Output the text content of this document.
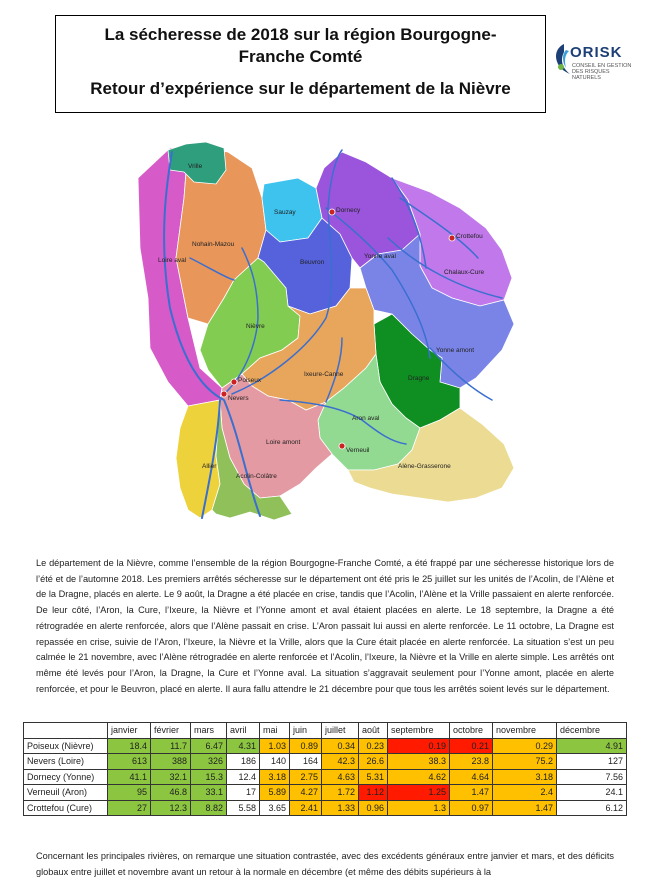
La sécheresse de 2018 sur la région Bourgogne-Franche Comté
Retour d’expérience sur le département de la Nièvre
ORISK
CONSEIL EN GESTION DES RISQUES NATURELS
Vrille
Nohain-Mazou
Loire aval
Sauzay	Dornecy
Beuvron
Yonne aval
Crottefou
Chalaux-Cure
Nièvre
Yonne amont
Ixeure-Canne
Dragne
Nevers
Poiseux
Aron aval
Loire amont
Verneuil
Allier
Acolin-Colâtre
Alène-Grasserone

Le département de la Nièvre, comme l’ensemble de la région Bourgogne-Franche Comté, a été frappé par une sécheresse historique lors de l’été et de l’automne 2018. Les premiers arrêtés sécheresse sur le département ont été pris le 25 juillet sur les unités de l’Acolin, de l’Alène et de la Dragne, placés en alerte. Le 9 août, la Dragne a été placée en crise, tandis que l’Acolin, l’Alène et la Vrille passaient en alerte renforcée. De leur côté, l’Aron, la Cure, l’Ixeure, la Nièvre et l’Yonne amont et aval étaient placées en alerte. Le 18 septembre, la Dragne a été rétrogradée en alerte renforcée, alors que l’Alène passait en crise. L’Aron passait lui aussi en alerte renforcée. Le 11 octobre, La Dragne est repassée en crise, suivie de l’Aron, l’Ixeure, la Nièvre et la Vrille, alors que la Cure était placée en alerte renforcée. La situation s’est un peu calmée le 21 novembre, avec l’Alène rétrogradée en alerte renforcée et l’Acolin, l’Ixeure, la Nièvre et la Vrille en alerte simple. Les arrêtés ont même été levés pour l’Aron, la Dragne, la Cure et l’Yonne aval. La situation s’aggravait seulement pour l’Yonne amont, placée en alerte renforcée, et pour le Beuvron, placé en alerte. Il aura fallu attendre le 21 décembre pour que tous les arrêtés soient levés sur le département.

	janvier	février	mars	avril	mai	juin	juillet	août	septembre	octobre	novembre	décembre
Poiseux (Nièvre)	18.4	11.7	6.47	4.31	1.03	0.89	0.34	0.23	0.19	0.21	0.29	4.91
Nevers (Loire)	613	388	326	186	140	164	42.3	26.6	38.3	23.8	75.2	127
Dornecy (Yonne)	41.1	32.1	15.3	12.4	3.18	2.75	4.63	5.31	4.62	4.64	3.18	7.56
Verneuil (Aron)	95	46.8	33.1	17	5.89	4.27	1.72	1.12	1.25	1.47	2.4	24.1
Crottefou (Cure)	27	12.3	8.82	5.58	3.65	2.41	1.33	0.96	1.3	0.97	1.47	6.12

Concernant les principales rivières, on remarque une situation contrastée, avec des excédents généraux entre janvier et mars, et des déficits globaux entre juillet et novembre avant un retour à la normale en décembre (et même des débits supérieurs à la
